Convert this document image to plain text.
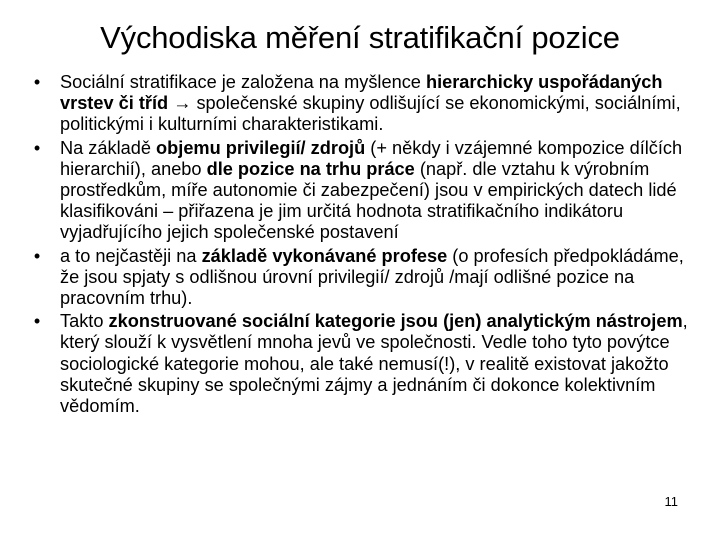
Východiska měření stratifikační pozice
• Sociální stratifikace je založena na myšlence hierarchicky uspořádaných vrstev či tříd → společenské skupiny odlišující se ekonomickými, sociálními, politickými i kulturními charakteristikami.
• Na základě objemu privilegií/ zdrojů (+ někdy i vzájemné kompozice dílčích hierarchií), anebo dle pozice na trhu práce (např. dle vztahu k výrobním prostředkům, míře autonomie či zabezpečení) jsou v empirických datech lidé klasifikováni – přiřazena je jim určitá hodnota stratifikačního indikátoru vyjadřujícího jejich společenské postavení
• a to nejčastěji na základě vykonávané profese (o profesích předpokládáme, že jsou spjaty s odlišnou úrovní privilegií/ zdrojů /mají odlišné pozice na pracovním trhu).
• Takto zkonstruované sociální kategorie jsou (jen) analytickým nástrojem, který slouží k vysvětlení mnoha jevů ve společnosti. Vedle toho tyto povýtce sociologické kategorie mohou, ale také nemusí(!), v realitě existovat jakožto skutečné skupiny se společnými zájmy a jednáním či dokonce kolektivním vědomím.
11
